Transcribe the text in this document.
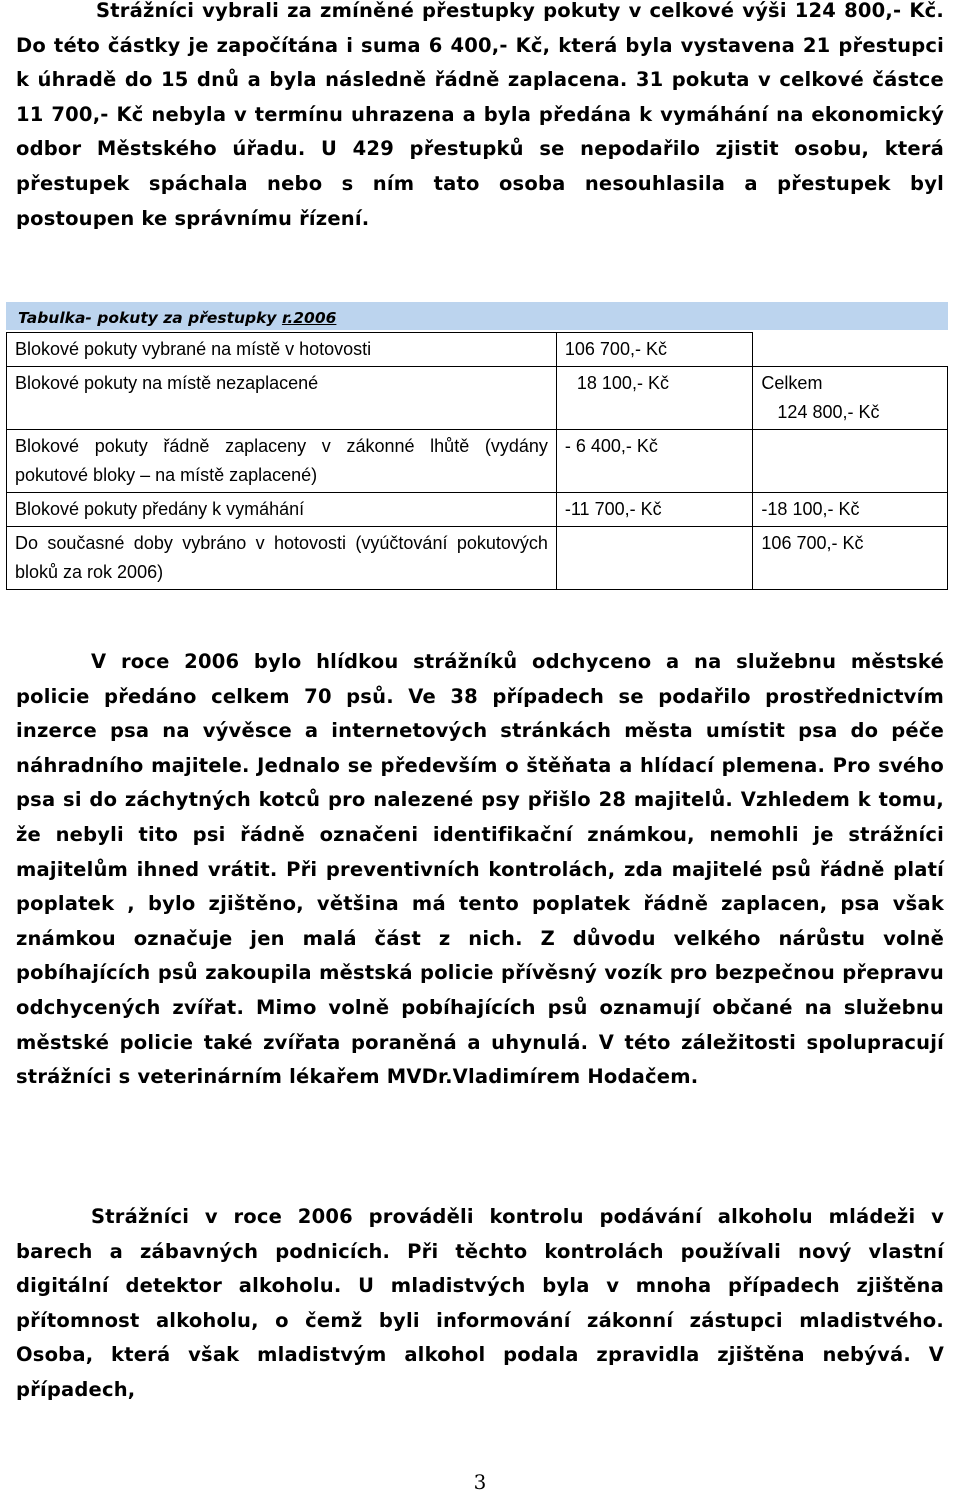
Strážníci vybrali za zmíněné přestupky pokuty v celkové výši 124 800,- Kč. Do této částky je započítána i suma 6 400,- Kč, která byla vystavena 21 přestupci k úhradě do 15 dnů a byla následně řádně zaplacena. 31 pokuta v celkové částce 11 700,- Kč nebyla v termínu uhrazena a byla předána k vymáhání na ekonomický odbor Městského úřadu. U 429 přestupků se nepodařilo zjistit osobu, která přestupek spáchala nebo s ním tato osoba nesouhlasila a přestupek byl postoupen ke správnímu řízení.

Tabulka- pokuty za přestupky r.2006
Blokové pokuty vybrané na místě v hotovosti	106 700,- Kč	
Blokové pokuty na místě nezaplacené	18 100,- Kč	Celkem
124 800,- Kč

Blokové pokuty řádně zaplaceny v zákonné lhůtě (vydány pokutové bloky – na místě zaplacené)	- 6 400,- Kč	
Blokové pokuty předány k vymáhání	-11 700,- Kč	-18 100,- Kč
Do současné doby vybráno v hotovosti (vyúčtování pokutových bloků za rok 2006)		106 700,- Kč

V roce 2006 bylo hlídkou strážníků odchyceno a na služebnu městské policie předáno celkem 70 psů. Ve 38 případech se podařilo prostřednictvím inzerce psa na vývěsce a internetových stránkách města umístit psa do péče náhradního majitele. Jednalo se především o štěňata a hlídací plemena. Pro svého psa si do záchytných kotců pro nalezené psy přišlo 28 majitelů. Vzhledem k tomu, že nebyli tito psi řádně označeni identifikační známkou, nemohli je strážníci majitelům ihned vrátit. Při preventivních kontrolách, zda majitelé psů řádně platí poplatek , bylo zjištěno, většina má tento poplatek řádně zaplacen, psa však známkou označuje jen malá část z nich. Z důvodu velkého nárůstu volně pobíhajících psů zakoupila městská policie přívěsný vozík pro bezpečnou přepravu odchycených zvířat. Mimo volně pobíhajících psů oznamují občané na služebnu městské policie také zvířata poraněná a uhynulá. V této záležitosti spolupracují strážníci s veterinárním lékařem MVDr.Vladimírem Hodačem.

Strážníci v roce 2006 prováděli kontrolu podávání alkoholu mládeži v barech a zábavných podnicích. Při těchto kontrolách používali nový vlastní digitální detektor alkoholu. U mladistvých byla v mnoha případech zjištěna přítomnost alkoholu, o čemž byli informování zákonní zástupci mladistvého. Osoba, která však mladistvým alkohol podala zpravidla zjištěna nebývá. V případech,

3
